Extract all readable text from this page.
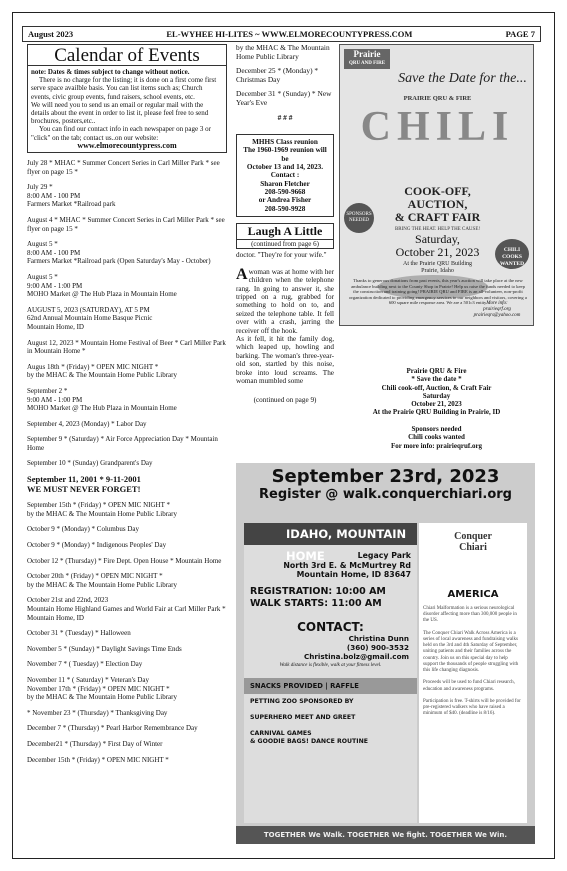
August 2023	EL-WYHEE HI-LITES ~ WWW.ELMORECOUNTYPRESS.COM	PAGE 7
Calendar of Events
note: Dates & times subject to change without notice.
There is no charge for the listing; it is done on a first come first serve space availble basis. You can list items such as; Church events, civic group events, fund raisers, school events, etc.
We will need you to send us an email or regular mail with the details about the event in order to list it, please feel free to send brochures, posters,etc..
You can find our contact info in each newspaper on page 3 or "click" on the tab; contact us..on our website:
www.elmorecountypress.com
July 28 * MHAC * Summer Concert Series in Carl Miller Park * see flyer on page 15 *
July 29 *
8:00 AM - 100 PM
Farmers Market *Railroad park
August 4 * MHAC * Summer Concert Series in Carl Miller Park * see flyer on page 15 *
August 5 *
8:00 AM - 100 PM
Farmers Market *Railroad park (Open Saturday's May - October)
August 5 *
9:00 AM - 1:00 PM
MOHO Market @ The Hub Plaza in Mountain Home
AUGUST 5, 2023 (SATURDAY), AT 5 PM
62nd Annual Mountain Home Basque Picnic
Mountain Home, ID
August 12, 2023 * Mountain Home Festival of Beer * Carl Miller Park in Mountain Home *
Augus 18th * (Friday) * OPEN MIC NIGHT *
by the MHAC & The Mountain Home Public Library
September 2 *
9:00 AM - 1:00 PM
MOHO Market @ The Hub Plaza in Mountain Home
September 4, 2023 (Monday) * Labor Day
September 9 * (Saturday) * Air Force Appreciation Day * Mountain Home
September 10 * (Sunday) Grandparent's Day
September 11, 2001 * 9-11-2001
WE MUST NEVER FORGET!
September 15th * (Friday) * OPEN MIC NIGHT *
by the MHAC & The Mountain Home Public Library
October 9 * (Monday) * Columbus Day
October 9 * (Monday) * Indigenous Peoples' Day
October 12 * (Thursday) * Fire Dept. Open House * Mountain Home
October 20th * (Friday) * OPEN MIC NIGHT *
by the MHAC & The Mountain Home Public Library
October 21st and 22nd, 2023
Mountain Home Highland Games and World Fair at Carl Miller Park * Mountain Home, ID
October 31 * (Tuesday) * Halloween
November 5 * (Sunday) * Daylight Savings Time Ends
November 7 * ( Tuesday) * Election Day
November 11 * ( Saturday) * Veteran's Day
November 17th * (Friday) * OPEN MIC NIGHT *
by the MHAC & The Mountain Home Public Library
* November 23 * (Thursday) * Thanksgiving Day
December 7 * (Thursday) * Pearl Harbor Remembrance Day
December21 * (Thursday) * First Day of Winter
December 15th * (Friday) * OPEN MIC NIGHT *

by the MHAC & The Mountain Home Public Library

December 25 * (Monday) * Christmas Day

December 31 * (Sunday) * New Year's Eve

# # #

MHHS Class reunion
The 1960-1969 reunion will be
October 13 and 14, 2023.
Contact :
Sharon Fletcher
208-590-9668
or Andrea Fisher
208-590-9928
Laugh A Little
(continued from page 6)
doctor. "They're for your wife."
A woman was at home with her children when the telephone rang. In going to answer it, she tripped on a rug, grabbed for something to hold on to, and seized the telephone table. It fell over with a crash, jarring the receiver off the hook.
As it fell, it hit the family dog, which leaped up, howling and barking. The woman's three-year-old son, startled by this noise, broke into loud screams. The woman mumbled some
(continued on page 9)
Prairie
QRU AND FIRE
Save the Date for the...
PRAIRIE QRU & FIRE
CHILI
COOK-OFF,
AUCTION,
& CRAFT FAIR
SPONSORS NEEDED
BRING THE HEAT. HELP THE CAUSE!
Saturday,
October 21, 2023	CHILI COOKS WANTED
At the Prairie QRU Building
Prairie, Idaho
Thanks to generous donations from past events, this year's auction will take place at the new ambulance building next to the County Shop in Prairie! Help us raise the funds needed to keep the construction and training going! PRAIRIE QRU and FIRE is an all-volunteer, non-profit organization dedicated to providing emergency services to our neighbors and visitors, covering a 600 square mile response area. We are a 501c3 entity. More info:
prairieqrf.org
prairieqrs@yahoo.com
Prairie QRU & Fire
* Save the date *
Chili cook-off, Auction, & Craft Fair
Saturday
October 21, 2023
At the Prairie QRU Building in Prairie, ID

Sponsors needed
Chili cooks wanted
For more info: prairieqruf.org
September 23rd, 2023
Register @ walk.conquerchiari.org
IDAHO, MOUNTAIN HOME	Legacy Park
North 3rd E. & McMurtrey Rd
Mountain Home, ID 83647
REGISTRATION: 10:00 AM
WALK STARTS: 11:00 AM
CONTACT:
Christina Dunn
(360) 900-3532
Christina.bolz@gmail.com
Walk distance is flexible, walk at your fitness level.
SNACKS PROVIDED | RAFFLE
PETTING ZOO SPONSORED BY

SUPERHERO MEET AND GREET

CARNIVAL GAMES
& GOODIE BAGS! DANCE ROUTINE
Conquer
Chiari
AMERICA
Chiari Malformation is a serious neurological disorder affecting more than 300,000 people in the US.

The Conquer Chiari Walk Across America is a series of local awareness and fundraising walks held on the 3rd and 4th Saturday of September, uniting patients and their families across the country. Join us on this special day to help support the thousands of people struggling with this life changing diagnosis.

Proceeds will be used to fund Chiari research, education and awareness programs.

Participation is free. T-shirts will be provided for pre-registered walkers who have raised a minimum of $40. (deadline is 8/16).
TOGETHER We Walk. TOGETHER We fight. TOGETHER We Win.
